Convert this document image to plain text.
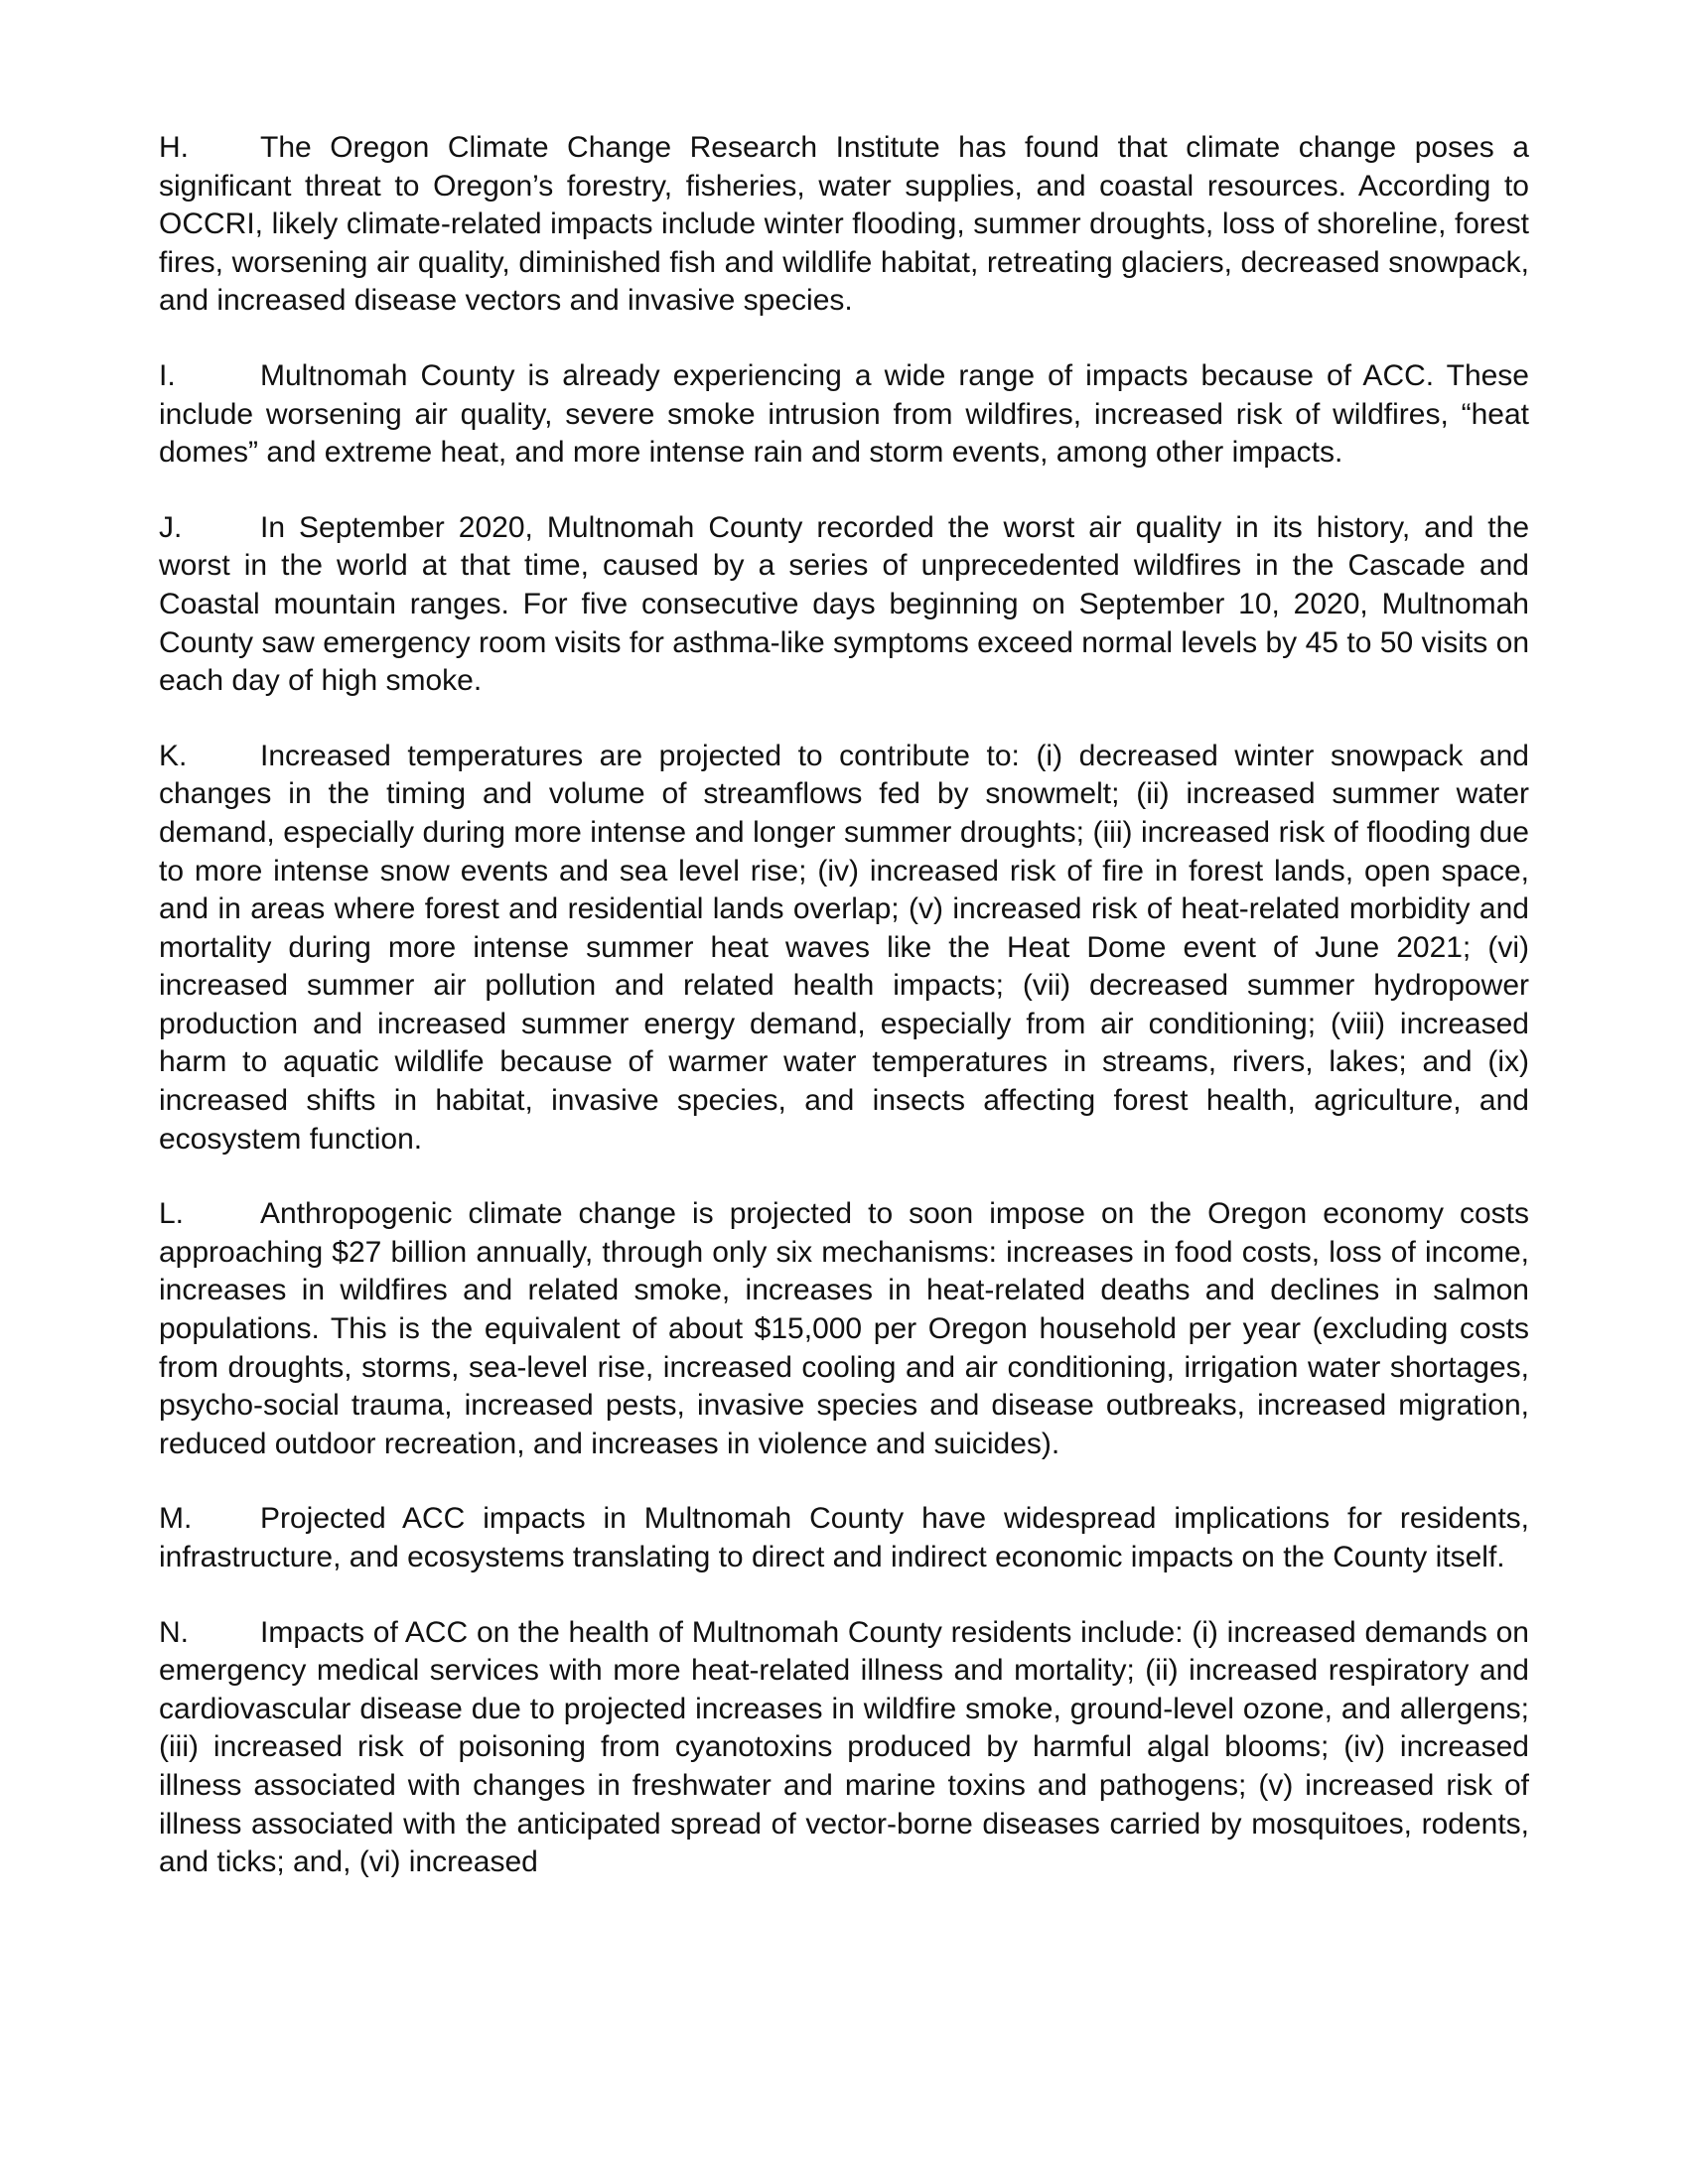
H. The Oregon Climate Change Research Institute has found that climate change poses a significant threat to Oregon’s forestry, fisheries, water supplies, and coastal resources. According to OCCRI, likely climate-related impacts include winter flooding, summer droughts, loss of shoreline, forest fires, worsening air quality, diminished fish and wildlife habitat, retreating glaciers, decreased snowpack, and increased disease vectors and invasive species.

I.	Multnomah County is already experiencing a wide range of impacts because of ACC. These include worsening air quality, severe smoke intrusion from wildfires, increased risk of wildfires, “heat domes” and extreme heat, and more intense rain and storm events, among other impacts.

J.	In September 2020, Multnomah County recorded the worst air quality in its history, and the worst in the world at that time, caused by a series of unprecedented wildfires in the Cascade and Coastal mountain ranges. For five consecutive days beginning on September 10, 2020, Multnomah County saw emergency room visits for asthma-like symptoms exceed normal levels by 45 to 50 visits on each day of high smoke.

K. Increased temperatures are projected to contribute to: (i) decreased winter snowpack and changes in the timing and volume of streamflows fed by snowmelt; (ii) increased summer water demand, especially during more intense and longer summer droughts; (iii) increased risk of flooding due to more intense snow events and sea level rise; (iv) increased risk of fire in forest lands, open space, and in areas where forest and residential lands overlap; (v) increased risk of heat-related morbidity and mortality during more intense summer heat waves like the Heat Dome event of June 2021; (vi) increased summer air pollution and related health impacts; (vii) decreased summer hydropower production and increased summer energy demand, especially from air conditioning; (viii) increased harm to aquatic wildlife because of warmer water temperatures in streams, rivers, lakes; and (ix) increased shifts in habitat, invasive species, and insects affecting forest health, agriculture, and ecosystem function.

L.	Anthropogenic climate change is projected to soon impose on the Oregon economy costs approaching $27 billion annually, through only six mechanisms: increases in food costs, loss of income, increases in wildfires and related smoke, increases in heat-related deaths and declines in salmon populations. This is the equivalent of about $15,000 per Oregon household per year (excluding costs from droughts, storms, sea-level rise, increased cooling and air conditioning, irrigation water shortages, psycho-social trauma, increased pests, invasive species and disease outbreaks, increased migration, reduced outdoor recreation, and increases in violence and suicides).

M. Projected ACC impacts in Multnomah County have widespread implications for residents, infrastructure, and ecosystems translating to direct and indirect economic impacts on the County itself.

N. Impacts of ACC on the health of Multnomah County residents include: (i) increased demands on emergency medical services with more heat-related illness and mortality; (ii) increased respiratory and cardiovascular disease due to projected increases in wildfire smoke, ground-level ozone, and allergens; (iii) increased risk of poisoning from cyanotoxins produced by harmful algal blooms; (iv) increased illness associated with changes in freshwater and marine toxins and pathogens; (v) increased risk of illness associated with the anticipated spread of vector-borne diseases carried by mosquitoes, rodents, and ticks; and, (vi) increased
